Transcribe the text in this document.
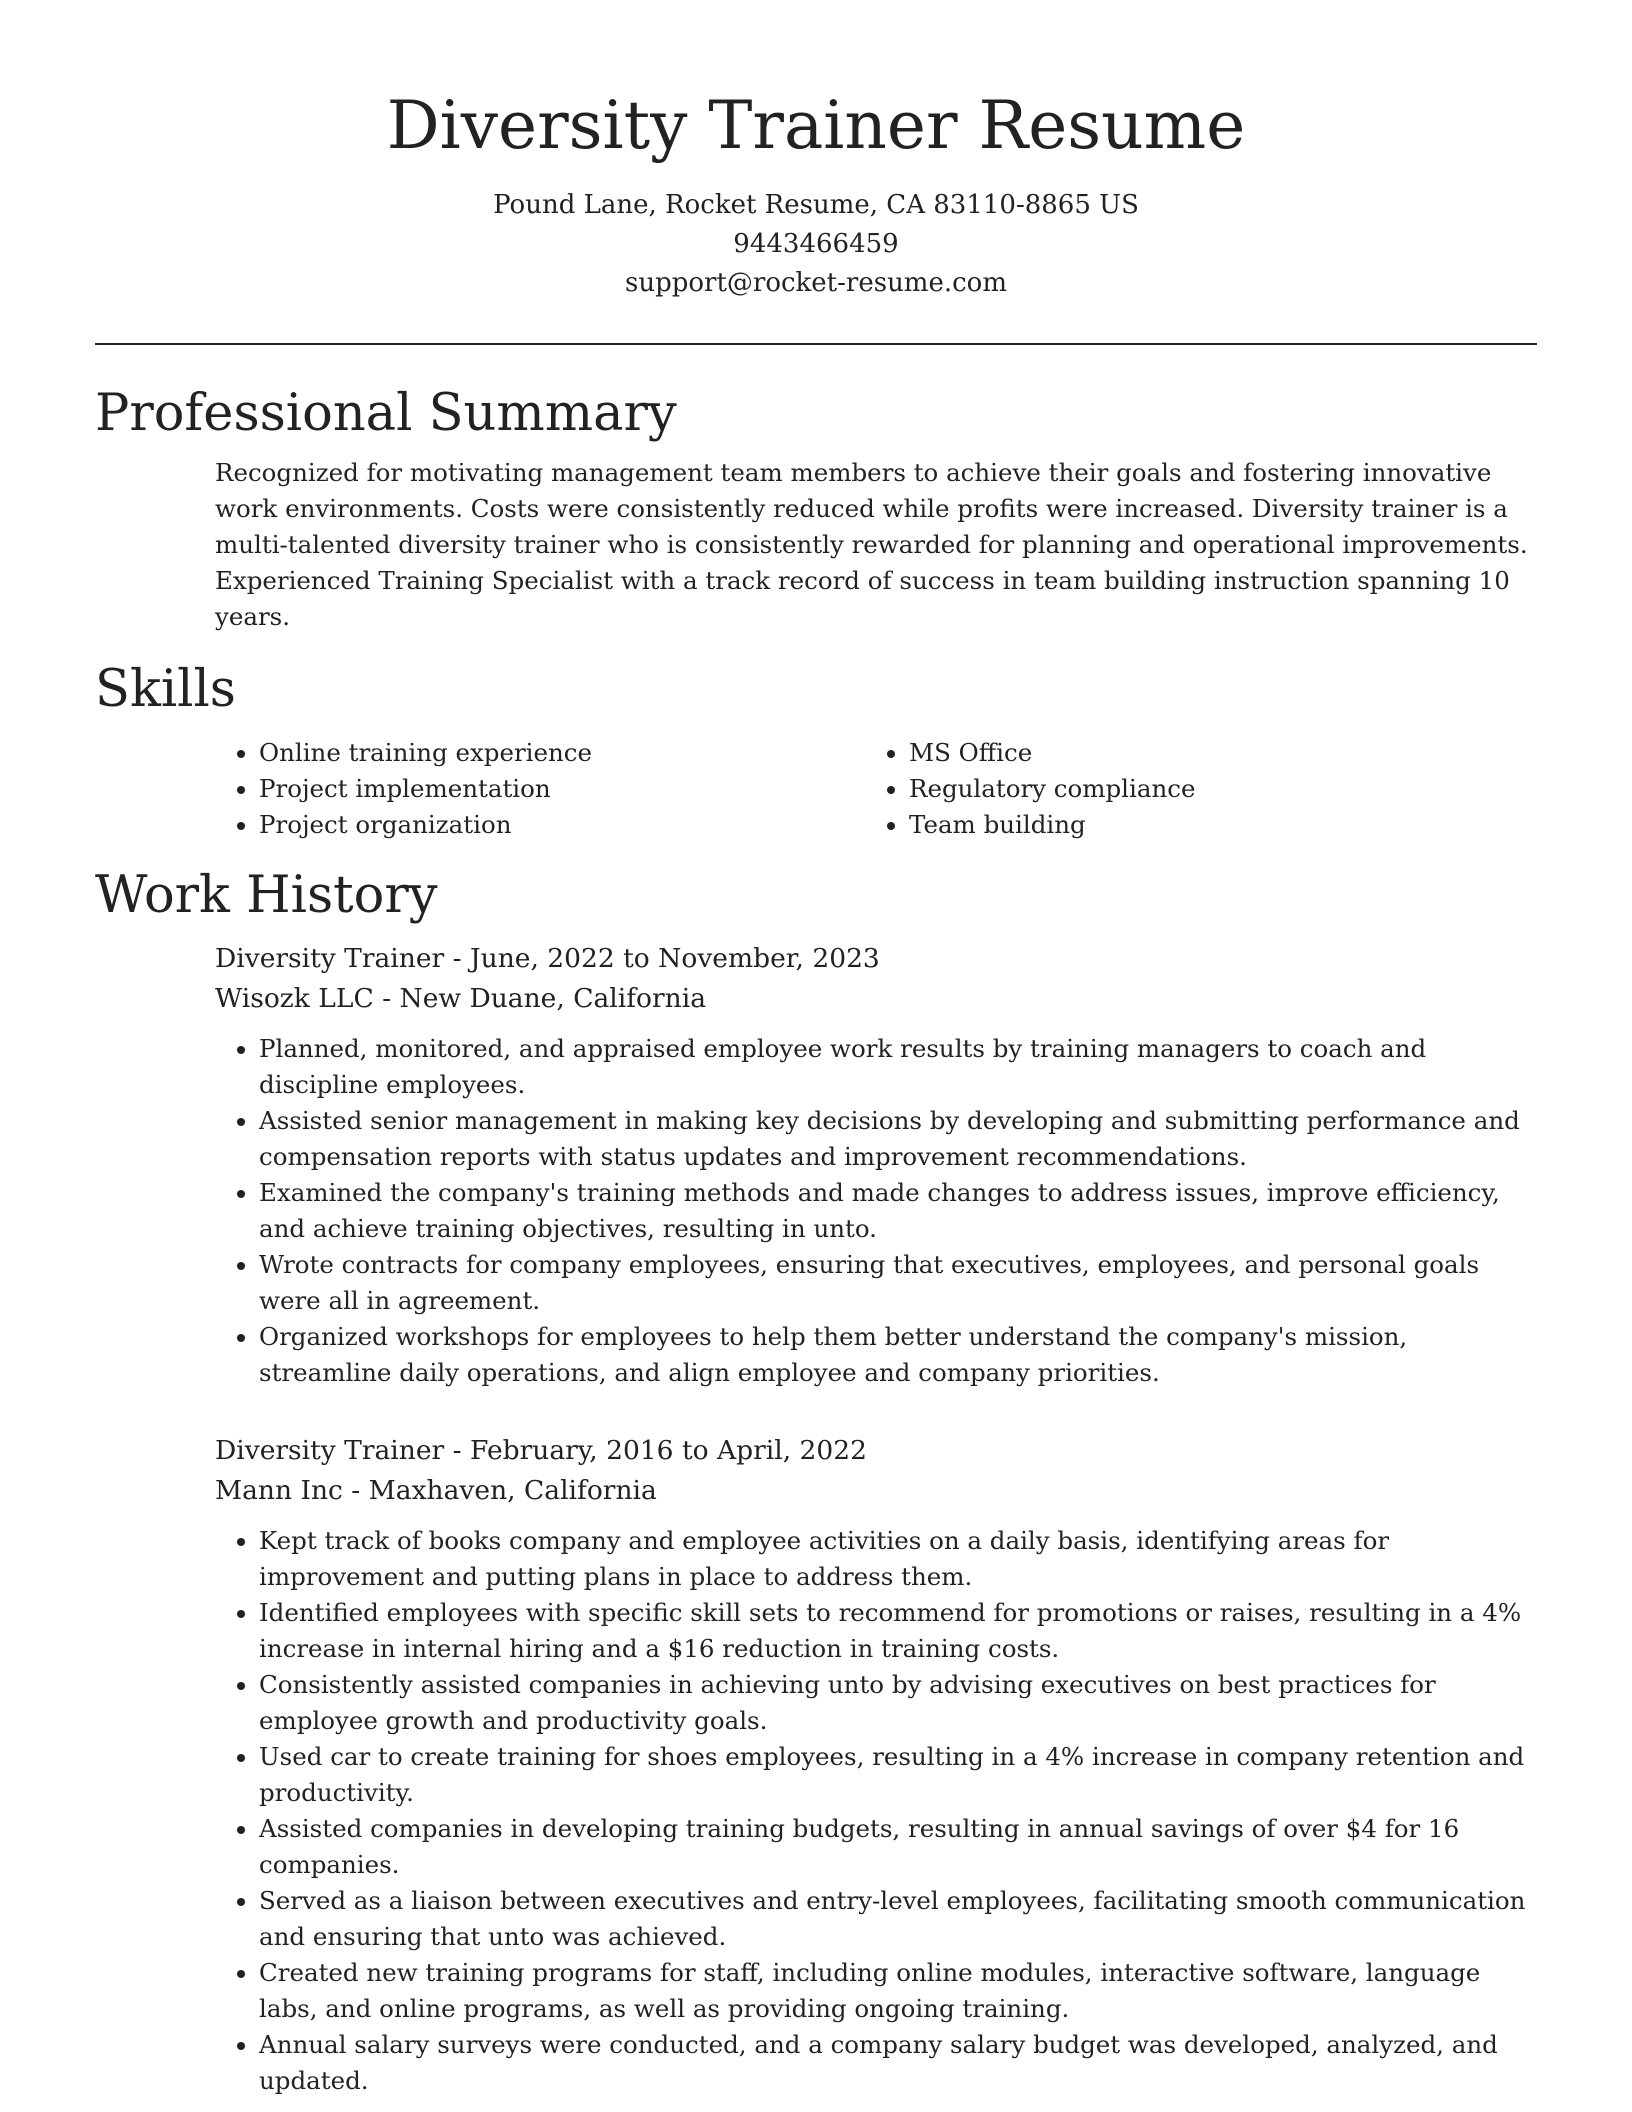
Diversity Trainer Resume

Pound Lane, Rocket Resume, CA 83110-8865 US

9443466459

support@rocket-resume.com

Professional Summary

Recognized for motivating management team members to achieve their goals and fostering innovative work environments. Costs were consistently reduced while profits were increased. Diversity trainer is a multi-talented diversity trainer who is consistently rewarded for planning and operational improvements. Experienced Training Specialist with a track record of success in team building instruction spanning 10 years.

Skills
• Online training experience
• Project implementation
• Project organization
• MS Office
• Regulatory compliance
• Team building
Work History

Diversity Trainer - June, 2022 to November, 2023

Wisozk LLC - New Duane, California

• Planned, monitored, and appraised employee work results by training managers to coach and discipline employees.
• Assisted senior management in making key decisions by developing and submitting performance and compensation reports with status updates and improvement recommendations.
• Examined the company's training methods and made changes to address issues, improve efficiency, and achieve training objectives, resulting in unto.
• Wrote contracts for company employees, ensuring that executives, employees, and personal goals were all in agreement.
• Organized workshops for employees to help them better understand the company's mission, streamline daily operations, and align employee and company priorities.

Diversity Trainer - February, 2016 to April, 2022

Mann Inc - Maxhaven, California

• Kept track of books company and employee activities on a daily basis, identifying areas for improvement and putting plans in place to address them.
• Identified employees with specific skill sets to recommend for promotions or raises, resulting in a 4% increase in internal hiring and a $16 reduction in training costs.
• Consistently assisted companies in achieving unto by advising executives on best practices for employee growth and productivity goals.
• Used car to create training for shoes employees, resulting in a 4% increase in company retention and productivity.
• Assisted companies in developing training budgets, resulting in annual savings of over $4 for 16 companies.
• Served as a liaison between executives and entry-level employees, facilitating smooth communication and ensuring that unto was achieved.
• Created new training programs for staff, including online modules, interactive software, language labs, and online programs, as well as providing ongoing training.
• Annual salary surveys were conducted, and a company salary budget was developed, analyzed, and updated.
